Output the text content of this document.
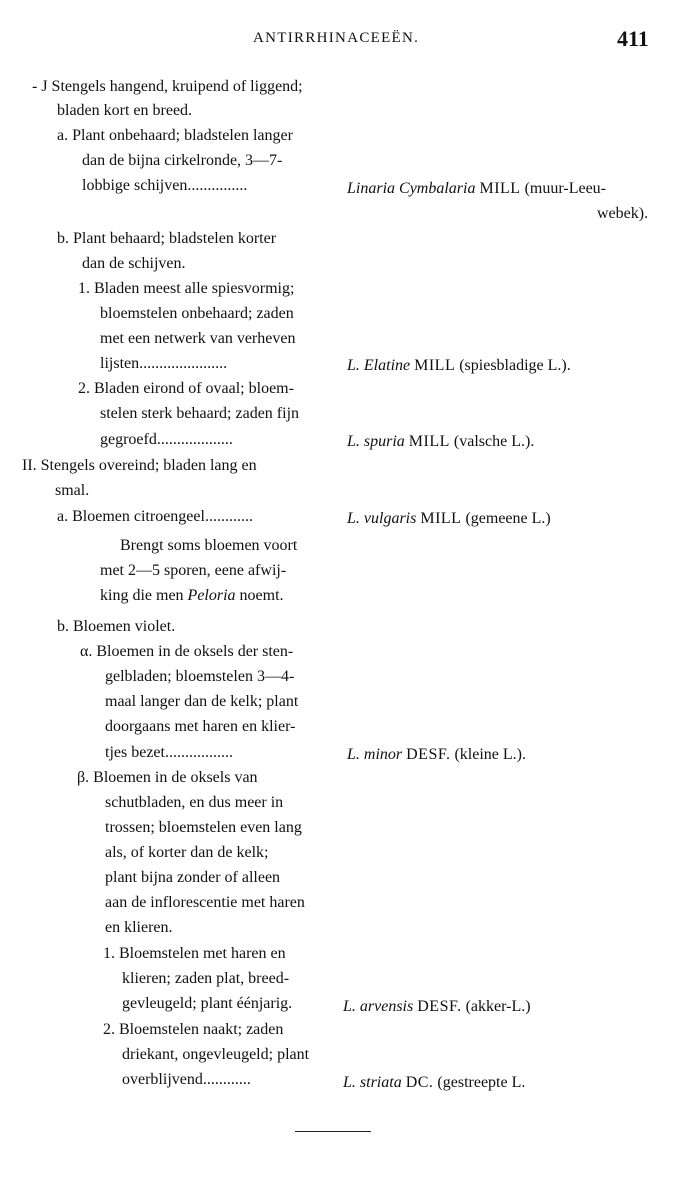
ANTIRRHINACEEËN.	411
- J Stengels hangend, kruipend of liggend;
bladen kort en breed.
a. Plant onbehaard; bladstelen langer
dan de bijna cirkelronde, 3—7-
lobbige schijven...............	Linaria Cymbalaria MILL (muur-Leeu-
webek).
b. Plant behaard; bladstelen korter
dan de schijven.
1. Bladen meest alle spiesvormig;
bloemstelen onbehaard; zaden
met een netwerk van verheven
lijsten......................	L. Elatine MILL (spiesbladige L.).
2. Bladen eirond of ovaal; bloem-
stelen sterk behaard; zaden fijn
gegroefd...................	L. spuria MILL (valsche L.).
II. Stengels overeind; bladen lang en
smal.
a. Bloemen citroengeel............	L. vulgaris MILL (gemeene L.)
Brengt soms bloemen voort
met 2—5 sporen, eene afwij-
king die men Peloria noemt.
b. Bloemen violet.
α. Bloemen in de oksels der sten-
gelbladen; bloemstelen 3—4-
maal langer dan de kelk; plant
doorgaans met haren en klier-
tjes bezet.................	L. minor DESF. (kleine L.).
β. Bloemen in de oksels van
schutbladen, en dus meer in
trossen; bloemstelen even lang
als, of korter dan de kelk;
plant bijna zonder of alleen
aan de inflorescentie met haren
en klieren.
1. Bloemstelen met haren en
klieren; zaden plat, breed-
gevleugeld; plant éénjarig.	L. arvensis DESF. (akker-L.)
2. Bloemstelen naakt; zaden
driekant, ongevleugeld; plant
overblijvend............	L. striata DC. (gestreepte L.
